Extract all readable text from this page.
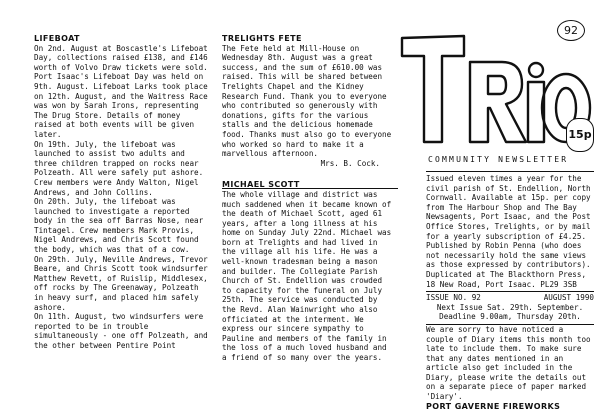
LIFEBOAT

On 2nd. August at Boscastle's Lifeboat Day, collections raised £138, and £146 worth of Volvo Draw tickets were sold.

Port Isaac's Lifeboat Day was held on 9th. August. Lifeboat Larks took place on 12th. August, and the Waitress Race was won by Sarah Irons, representing The Drug Store. Details of money raised at both events will be given later.

On 19th. July, the lifeboat was launched to assist two adults and three children trapped on rocks near Polzeath. All were safely put ashore. Crew members were Andy Walton, Nigel Andrews, and John Collins.

On 20th. July, the lifeboat was launched to investigate a reported body in the sea off Barras Nose, near Tintagel. Crew members Mark Provis, Nigel Andrews, and Chris Scott found the body, which was that of a cow.

On 29th. July, Neville Andrews, Trevor Beare, and Chris Scott took windsurfer Matthew Revett, of Ruislip, Middlesex, off rocks by The Greenaway, Polzeath in heavy surf, and placed him safely ashore.

On 11th. August, two windsurfers were reported to be in trouble simultaneously - one off Polzeath, and the other between Pentire Point

TRELIGHTS FETE

The Fete held at Mill-House on Wednesday 8th. August was a great success, and the sum of £610.00 was raised. This will be shared between Trelights Chapel and the Kidney Research Fund. Thank you to everyone who contributed so generously with donations, gifts for the various stalls and the delicious homemade food. Thanks must also go to everyone who worked so hard to make it a marvellous afternoon.

Mrs. B. Cock.

MICHAEL SCOTT

The whole village and district was much saddened when it became known of the death of Michael Scott, aged 61 years, after a long illness at his home on Sunday July 22nd. Michael was born at Trelights and had lived in the village all his life. He was a well-known tradesman being a mason and builder. The Collegiate Parish Church of St. Endellion was crowded to capacity for the funeral on July 25th. The service was conducted by the Revd. Alan Wainwright who also officiated at the interment. We express our sincere sympathy to Pauline and members of the family in the loss of a much loved husband and a friend of so many over the years.

92
15p
COMMUNITY NEWSLETTER

Issued eleven times a year for the civil parish of St. Endellion, North Cornwall. Available at 15p. per copy from The Harbour Shop and The Bay Newsagents, Port Isaac, and the Post Office Stores, Trelights, or by mail for a yearly subscription of £4.25. Published by Robin Penna (who does not necessarily hold the same views as those expressed by contributors). Duplicated at The Blackthorn Press, 18 New Road, Port Isaac. PL29 3SB

ISSUE NO. 92	AUGUST 1990

Next Issue Sat. 29th. September.

Deadline 9.00am, Thursday 20th.

We are sorry to have noticed a couple of Diary items this month too late to include them. To make sure that any dates mentioned in an article also get included in the Diary, please write the details out on a separate piece of paper marked 'Diary'.

PORT GAVERNE FIREWORKS
